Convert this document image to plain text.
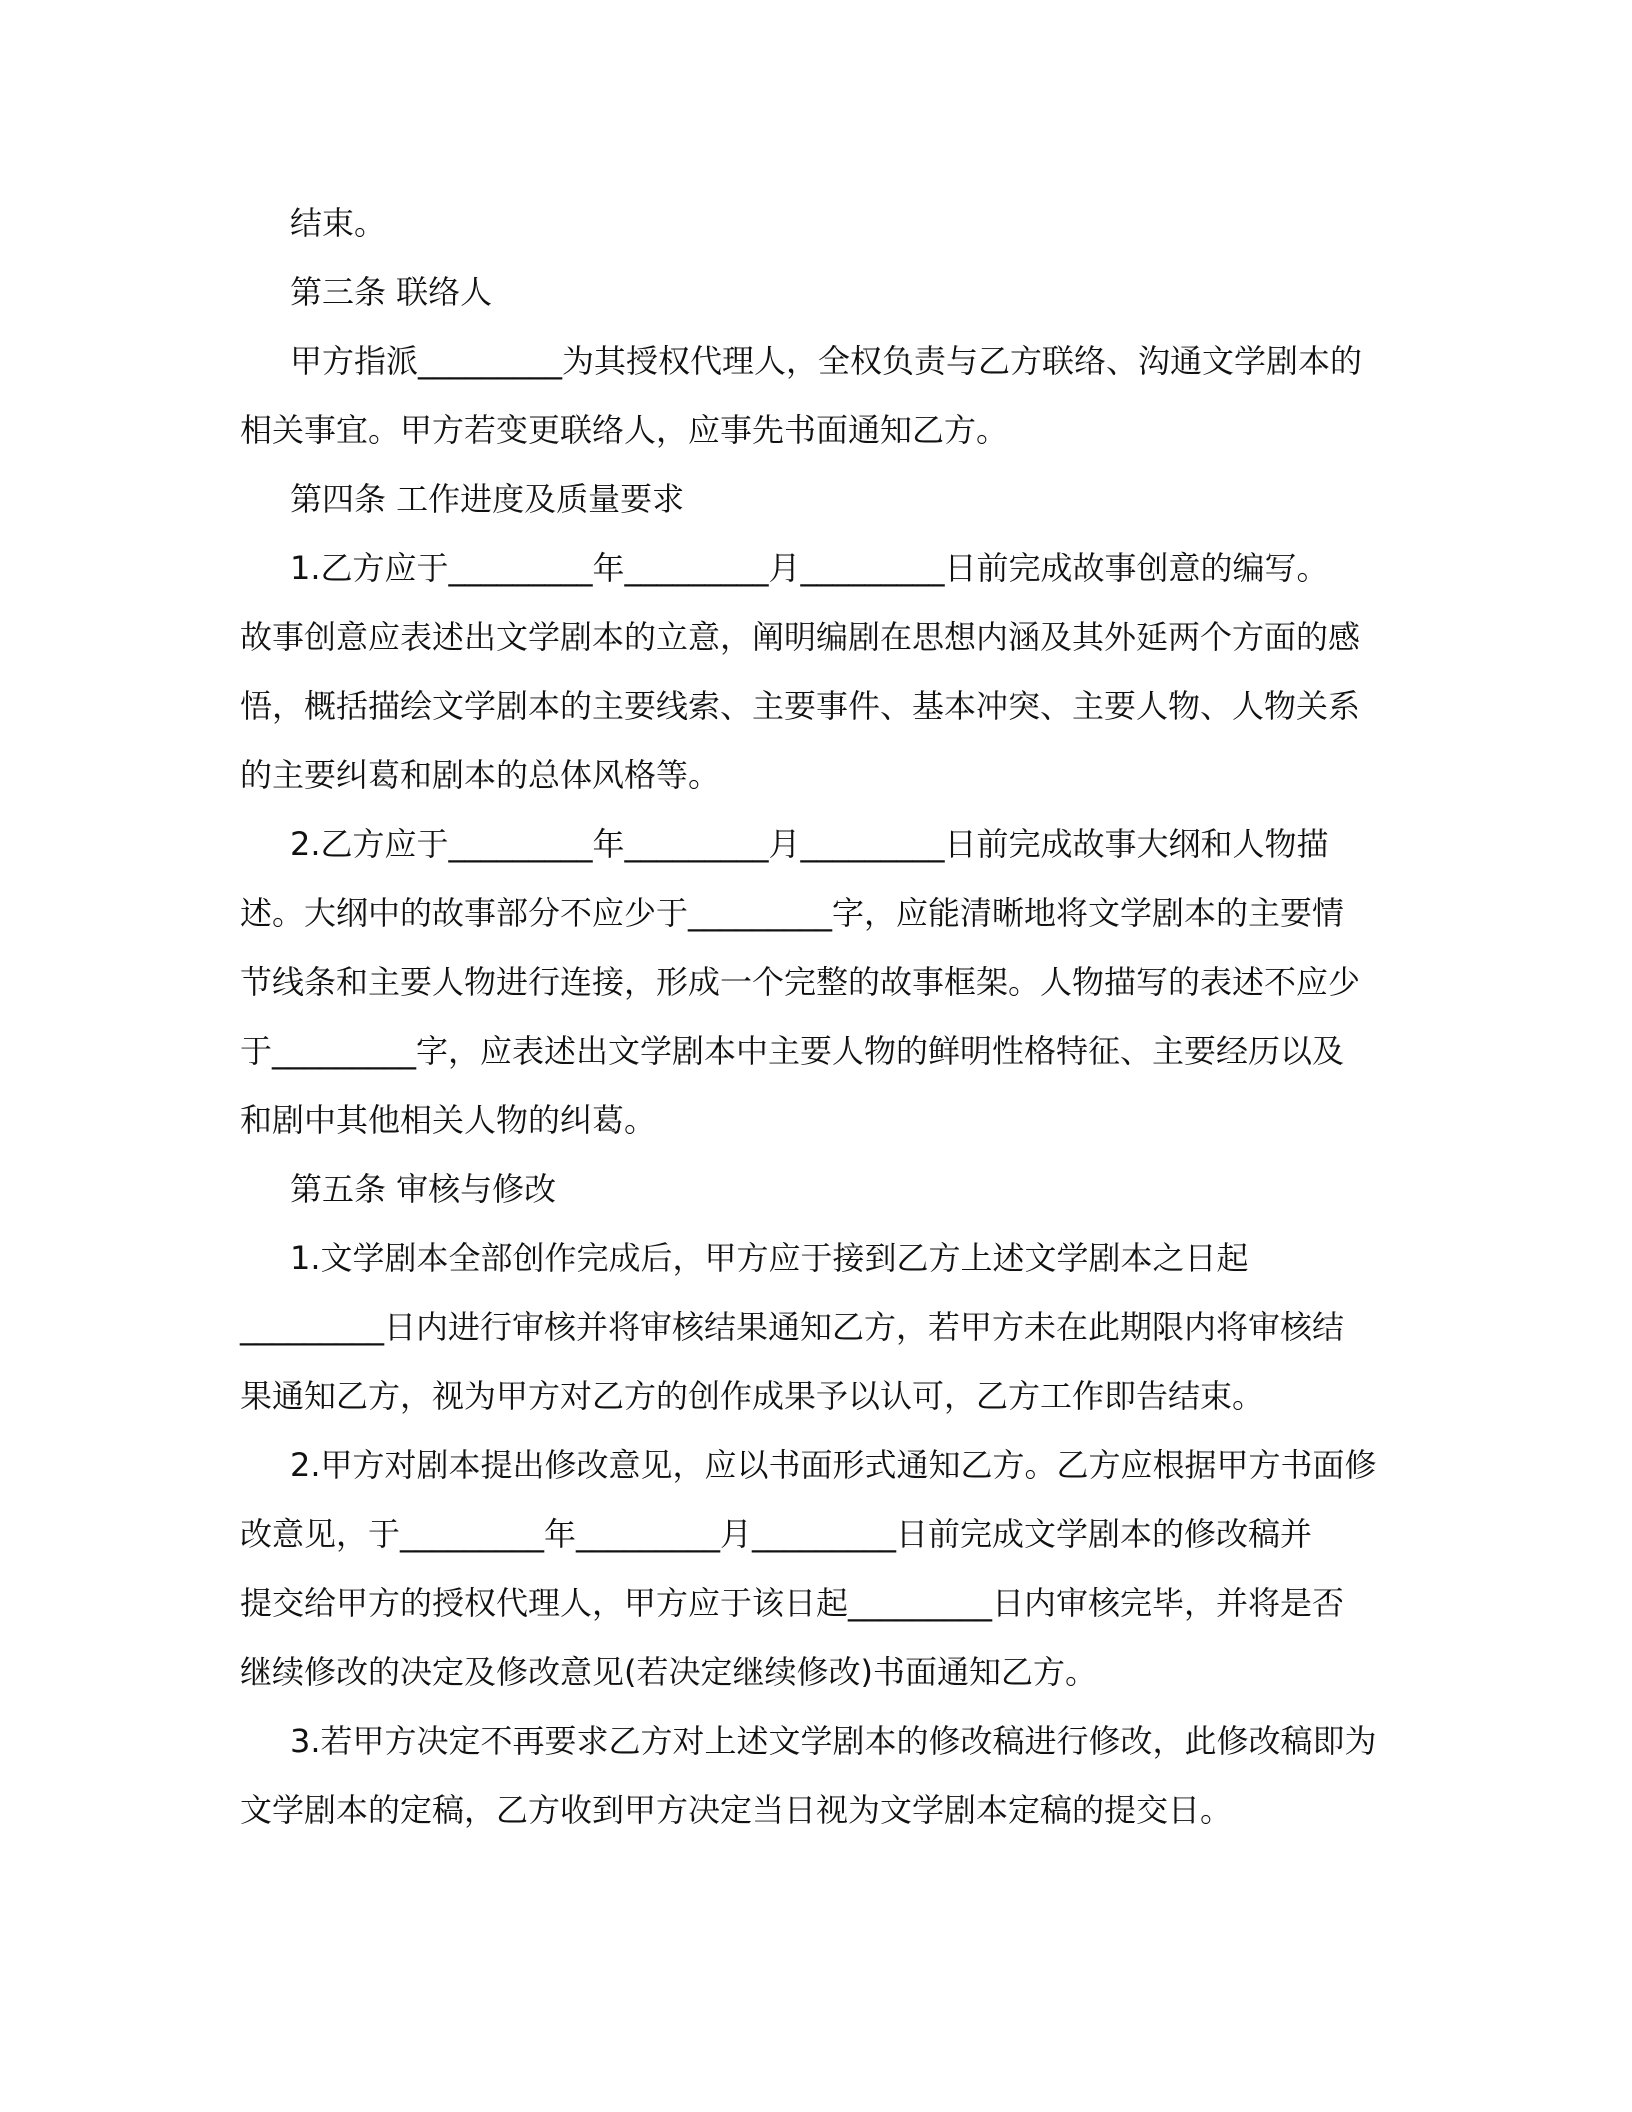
结束。

第三条 联络人

甲方指派_________为其授权代理人，全权负责与乙方联络、沟通文学剧本的

相关事宜。甲方若变更联络人，应事先书面通知乙方。

第四条 工作进度及质量要求

1.乙方应于_________年_________月_________日前完成故事创意的编写。

故事创意应表述出文学剧本的立意，阐明编剧在思想内涵及其外延两个方面的感

悟，概括描绘文学剧本的主要线索、主要事件、基本冲突、主要人物、人物关系

的主要纠葛和剧本的总体风格等。

2.乙方应于_________年_________月_________日前完成故事大纲和人物描

述。大纲中的故事部分不应少于_________字，应能清晰地将文学剧本的主要情

节线条和主要人物进行连接，形成一个完整的故事框架。人物描写的表述不应少

于_________字，应表述出文学剧本中主要人物的鲜明性格特征、主要经历以及

和剧中其他相关人物的纠葛。

第五条 审核与修改

1.文学剧本全部创作完成后，甲方应于接到乙方上述文学剧本之日起

_________日内进行审核并将审核结果通知乙方，若甲方未在此期限内将审核结

果通知乙方，视为甲方对乙方的创作成果予以认可，乙方工作即告结束。

2.甲方对剧本提出修改意见，应以书面形式通知乙方。乙方应根据甲方书面修

改意见，于_________年_________月_________日前完成文学剧本的修改稿并

提交给甲方的授权代理人，甲方应于该日起_________日内审核完毕，并将是否

继续修改的决定及修改意见(若决定继续修改)书面通知乙方。

3.若甲方决定不再要求乙方对上述文学剧本的修改稿进行修改，此修改稿即为

文学剧本的定稿，乙方收到甲方决定当日视为文学剧本定稿的提交日。
